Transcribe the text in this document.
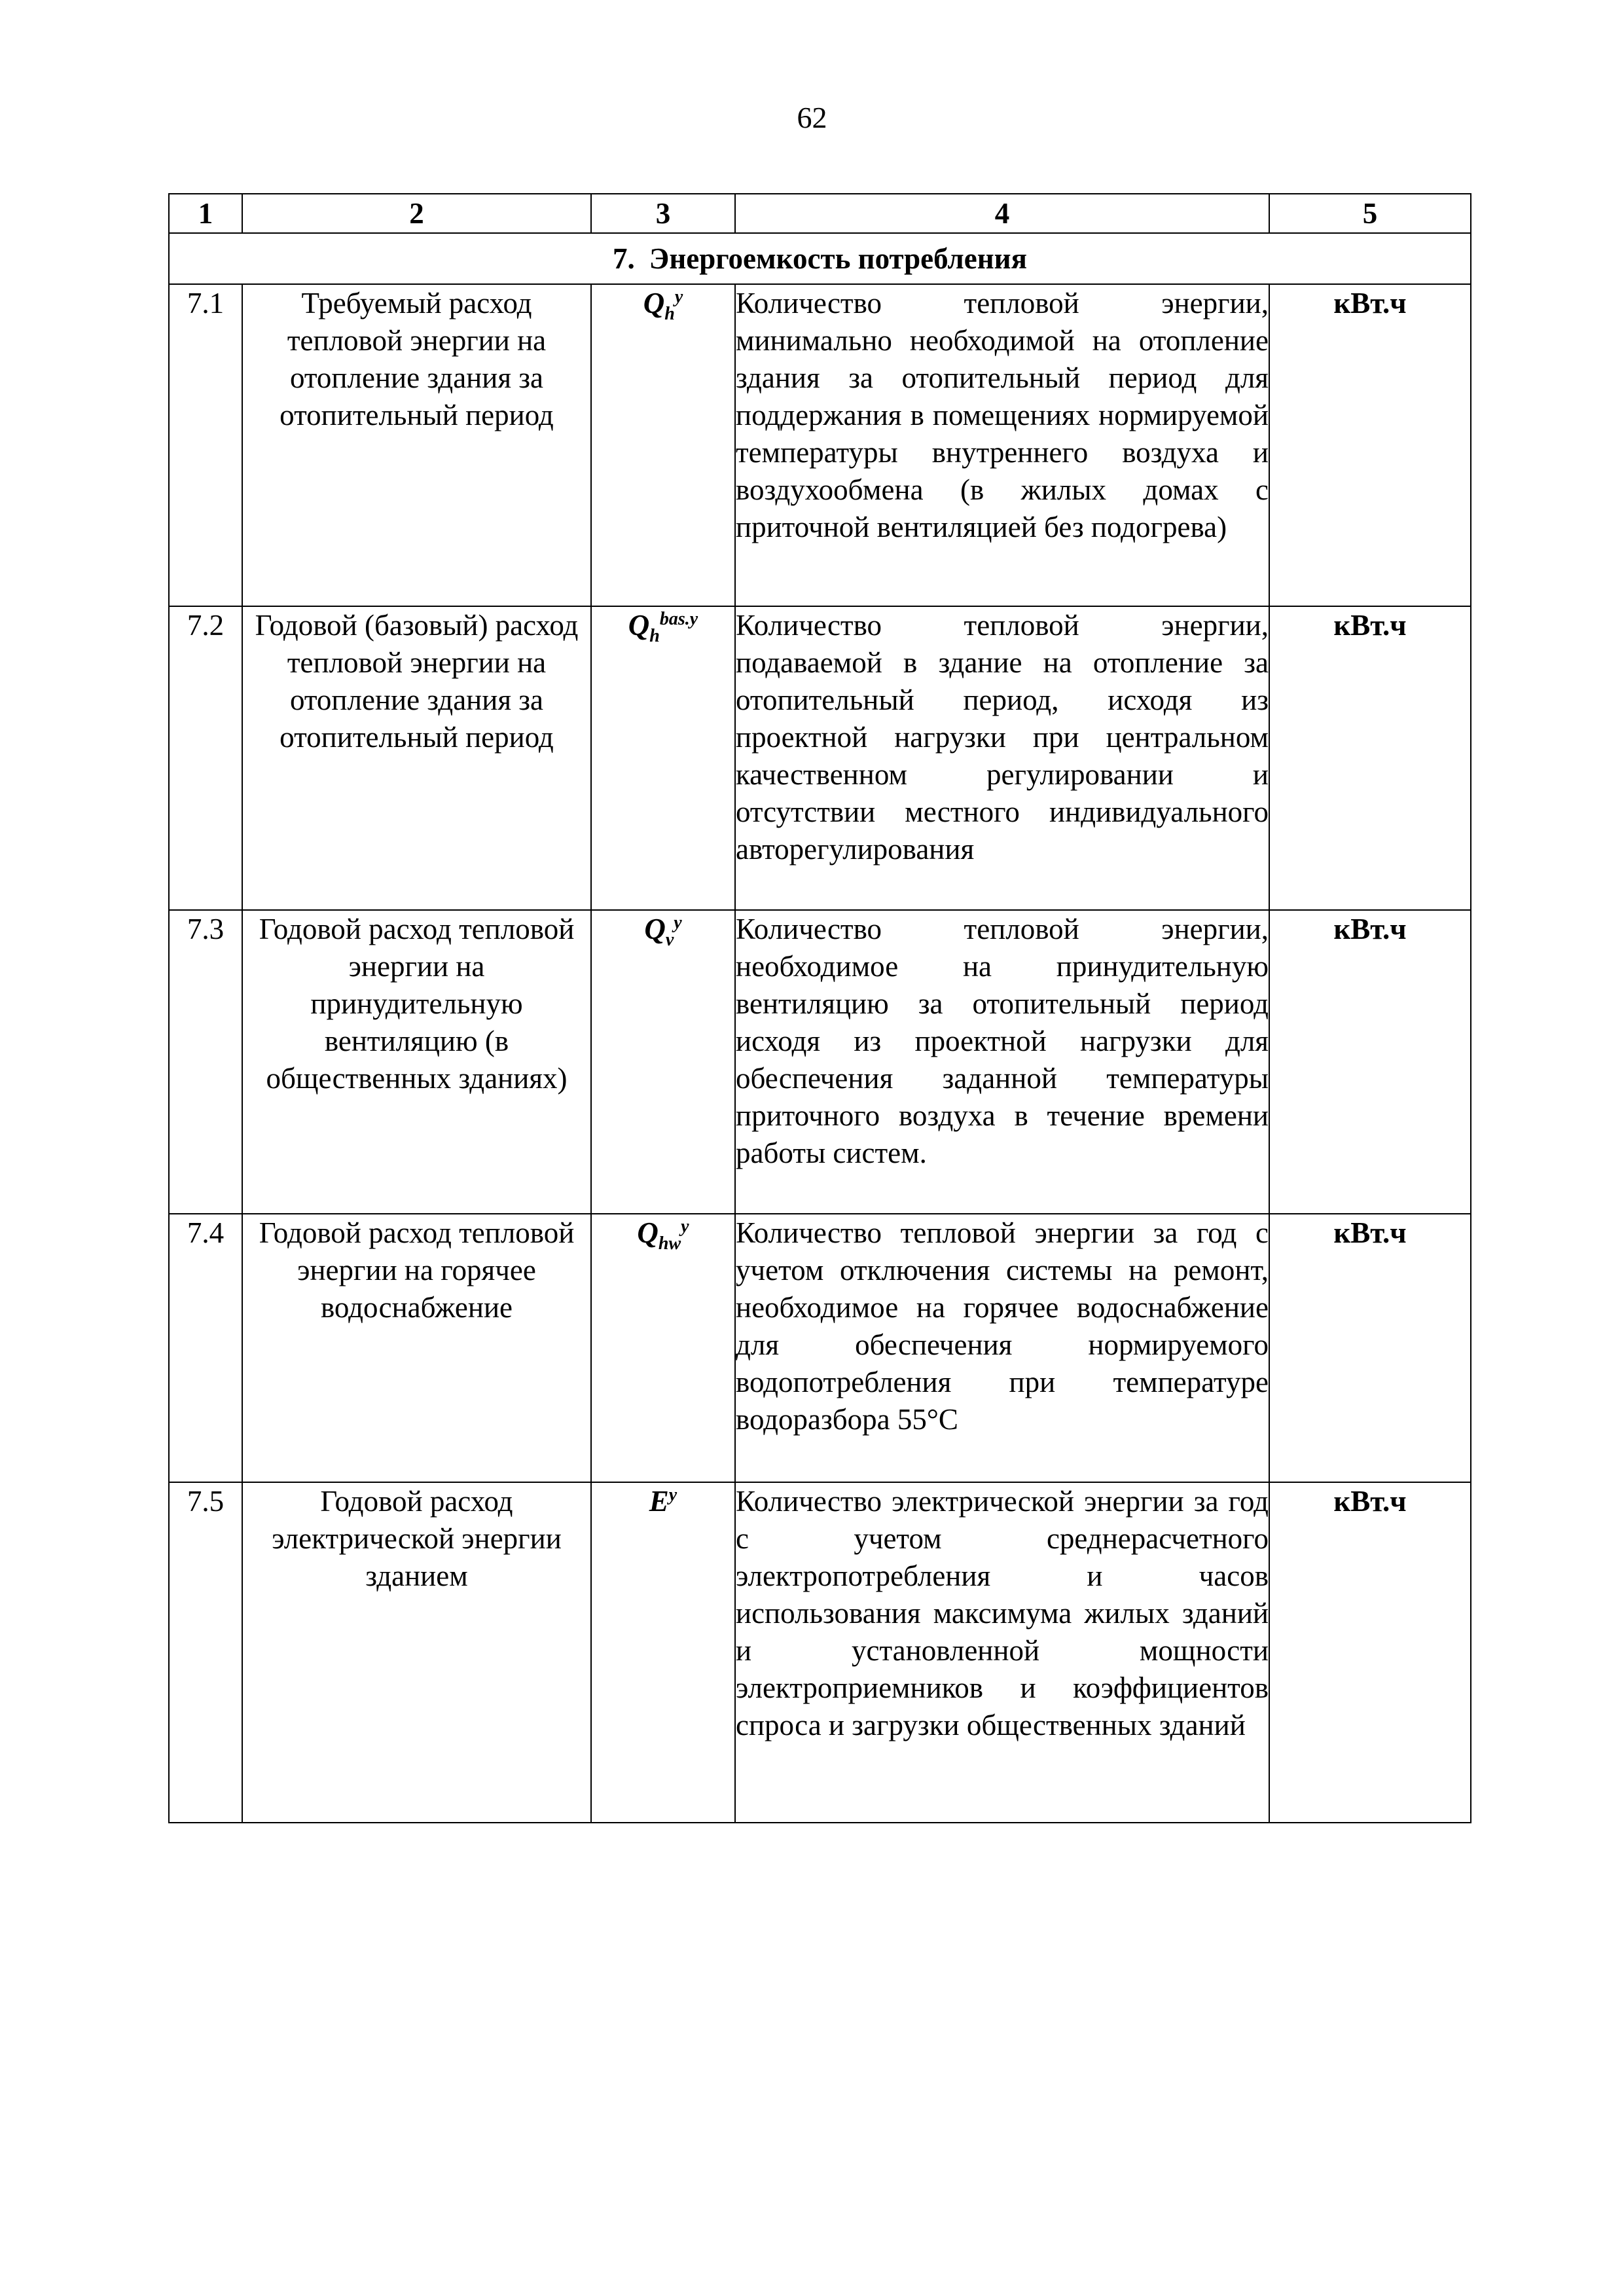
62
1	2	3	4	5
7. Энергоемкость потребления				
7.1	Требуемый расход тепловой энергии на отопление здания за отопительный период	$Q_h^y$	Количество тепловой энергии, минимально необходимой на отопление здания за отопительный период для поддержания в помещениях нормируемой температуры внутреннего воздуха и воздухообмена (в жилых домах с приточной вентиляцией без подогрева)	кВт.ч
7.2	Годовой (базовый) расход тепловой энергии на отопление здания за отопительный период	$Q_h^{bas.y}$	Количество тепловой энергии, подаваемой в здание на отопление за отопительный период, исходя из проектной нагрузки при центральном качественном регулировании и отсутствии местного индивидуального авторегулирования	кВт.ч
7.3	Годовой расход тепловой энергии на принудительную вентиляцию (в общественных зданиях)	$Q_v^y$	Количество тепловой энергии, необходимое на принудительную вентиляцию за отопительный период исходя из проектной нагрузки для обеспечения заданной температуры приточного воздуха в течение времени работы систем.	кВт.ч
7.4	Годовой расход тепловой энергии на горячее водоснабжение	$Q_{hw}^y$	Количество тепловой энергии за год с учетом отключения системы на ремонт, необходимое на горячее водоснабжение для обеспечения нормируемого водопотребления при температуре водоразбора 55°С	кВт.ч
7.5	Годовой расход электрической энергии зданием	$E^y$	Количество электрической энергии за год с учетом среднерасчетного электропотребления и часов использования максимума жилых зданий и установленной мощности электроприемников и коэффициентов спроса и загрузки общественных зданий	кВт.ч
